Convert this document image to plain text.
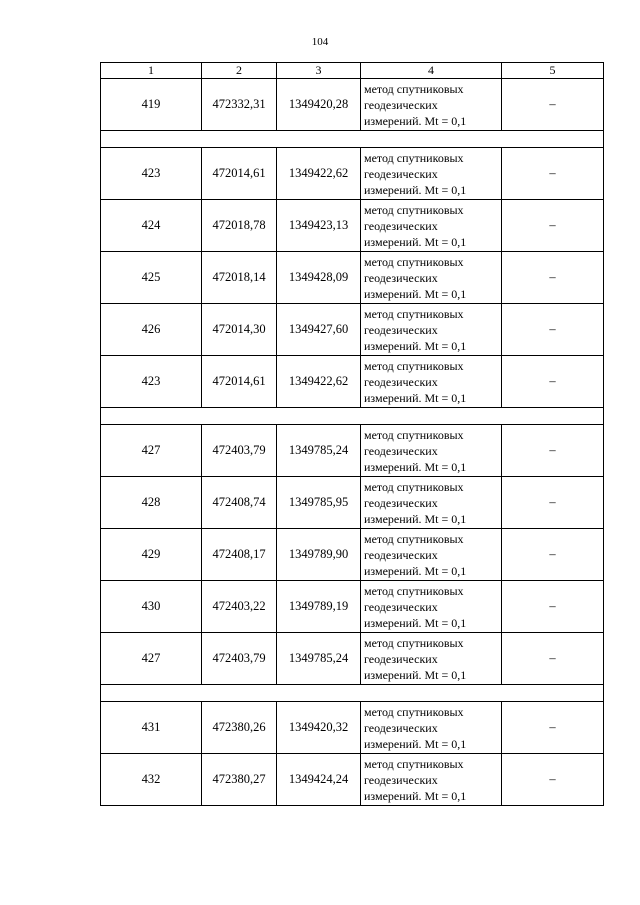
104
1	2	3	4	5
419	472332,31	1349420,28	метод спутниковых
геодезических
измерений. Mt = 0,1	–

423	472014,61	1349422,62	метод спутниковых
геодезических
измерений. Mt = 0,1	–
424	472018,78	1349423,13	метод спутниковых
геодезических
измерений. Mt = 0,1	–
425	472018,14	1349428,09	метод спутниковых
геодезических
измерений. Mt = 0,1	–
426	472014,30	1349427,60	метод спутниковых
геодезических
измерений. Mt = 0,1	–
423	472014,61	1349422,62	метод спутниковых
геодезических
измерений. Mt = 0,1	–

427	472403,79	1349785,24	метод спутниковых
геодезических
измерений. Mt = 0,1	–
428	472408,74	1349785,95	метод спутниковых
геодезических
измерений. Mt = 0,1	–
429	472408,17	1349789,90	метод спутниковых
геодезических
измерений. Mt = 0,1	–
430	472403,22	1349789,19	метод спутниковых
геодезических
измерений. Mt = 0,1	–
427	472403,79	1349785,24	метод спутниковых
геодезических
измерений. Mt = 0,1	–

431	472380,26	1349420,32	метод спутниковых
геодезических
измерений. Mt = 0,1	–
432	472380,27	1349424,24	метод спутниковых
геодезических
измерений. Mt = 0,1	–
